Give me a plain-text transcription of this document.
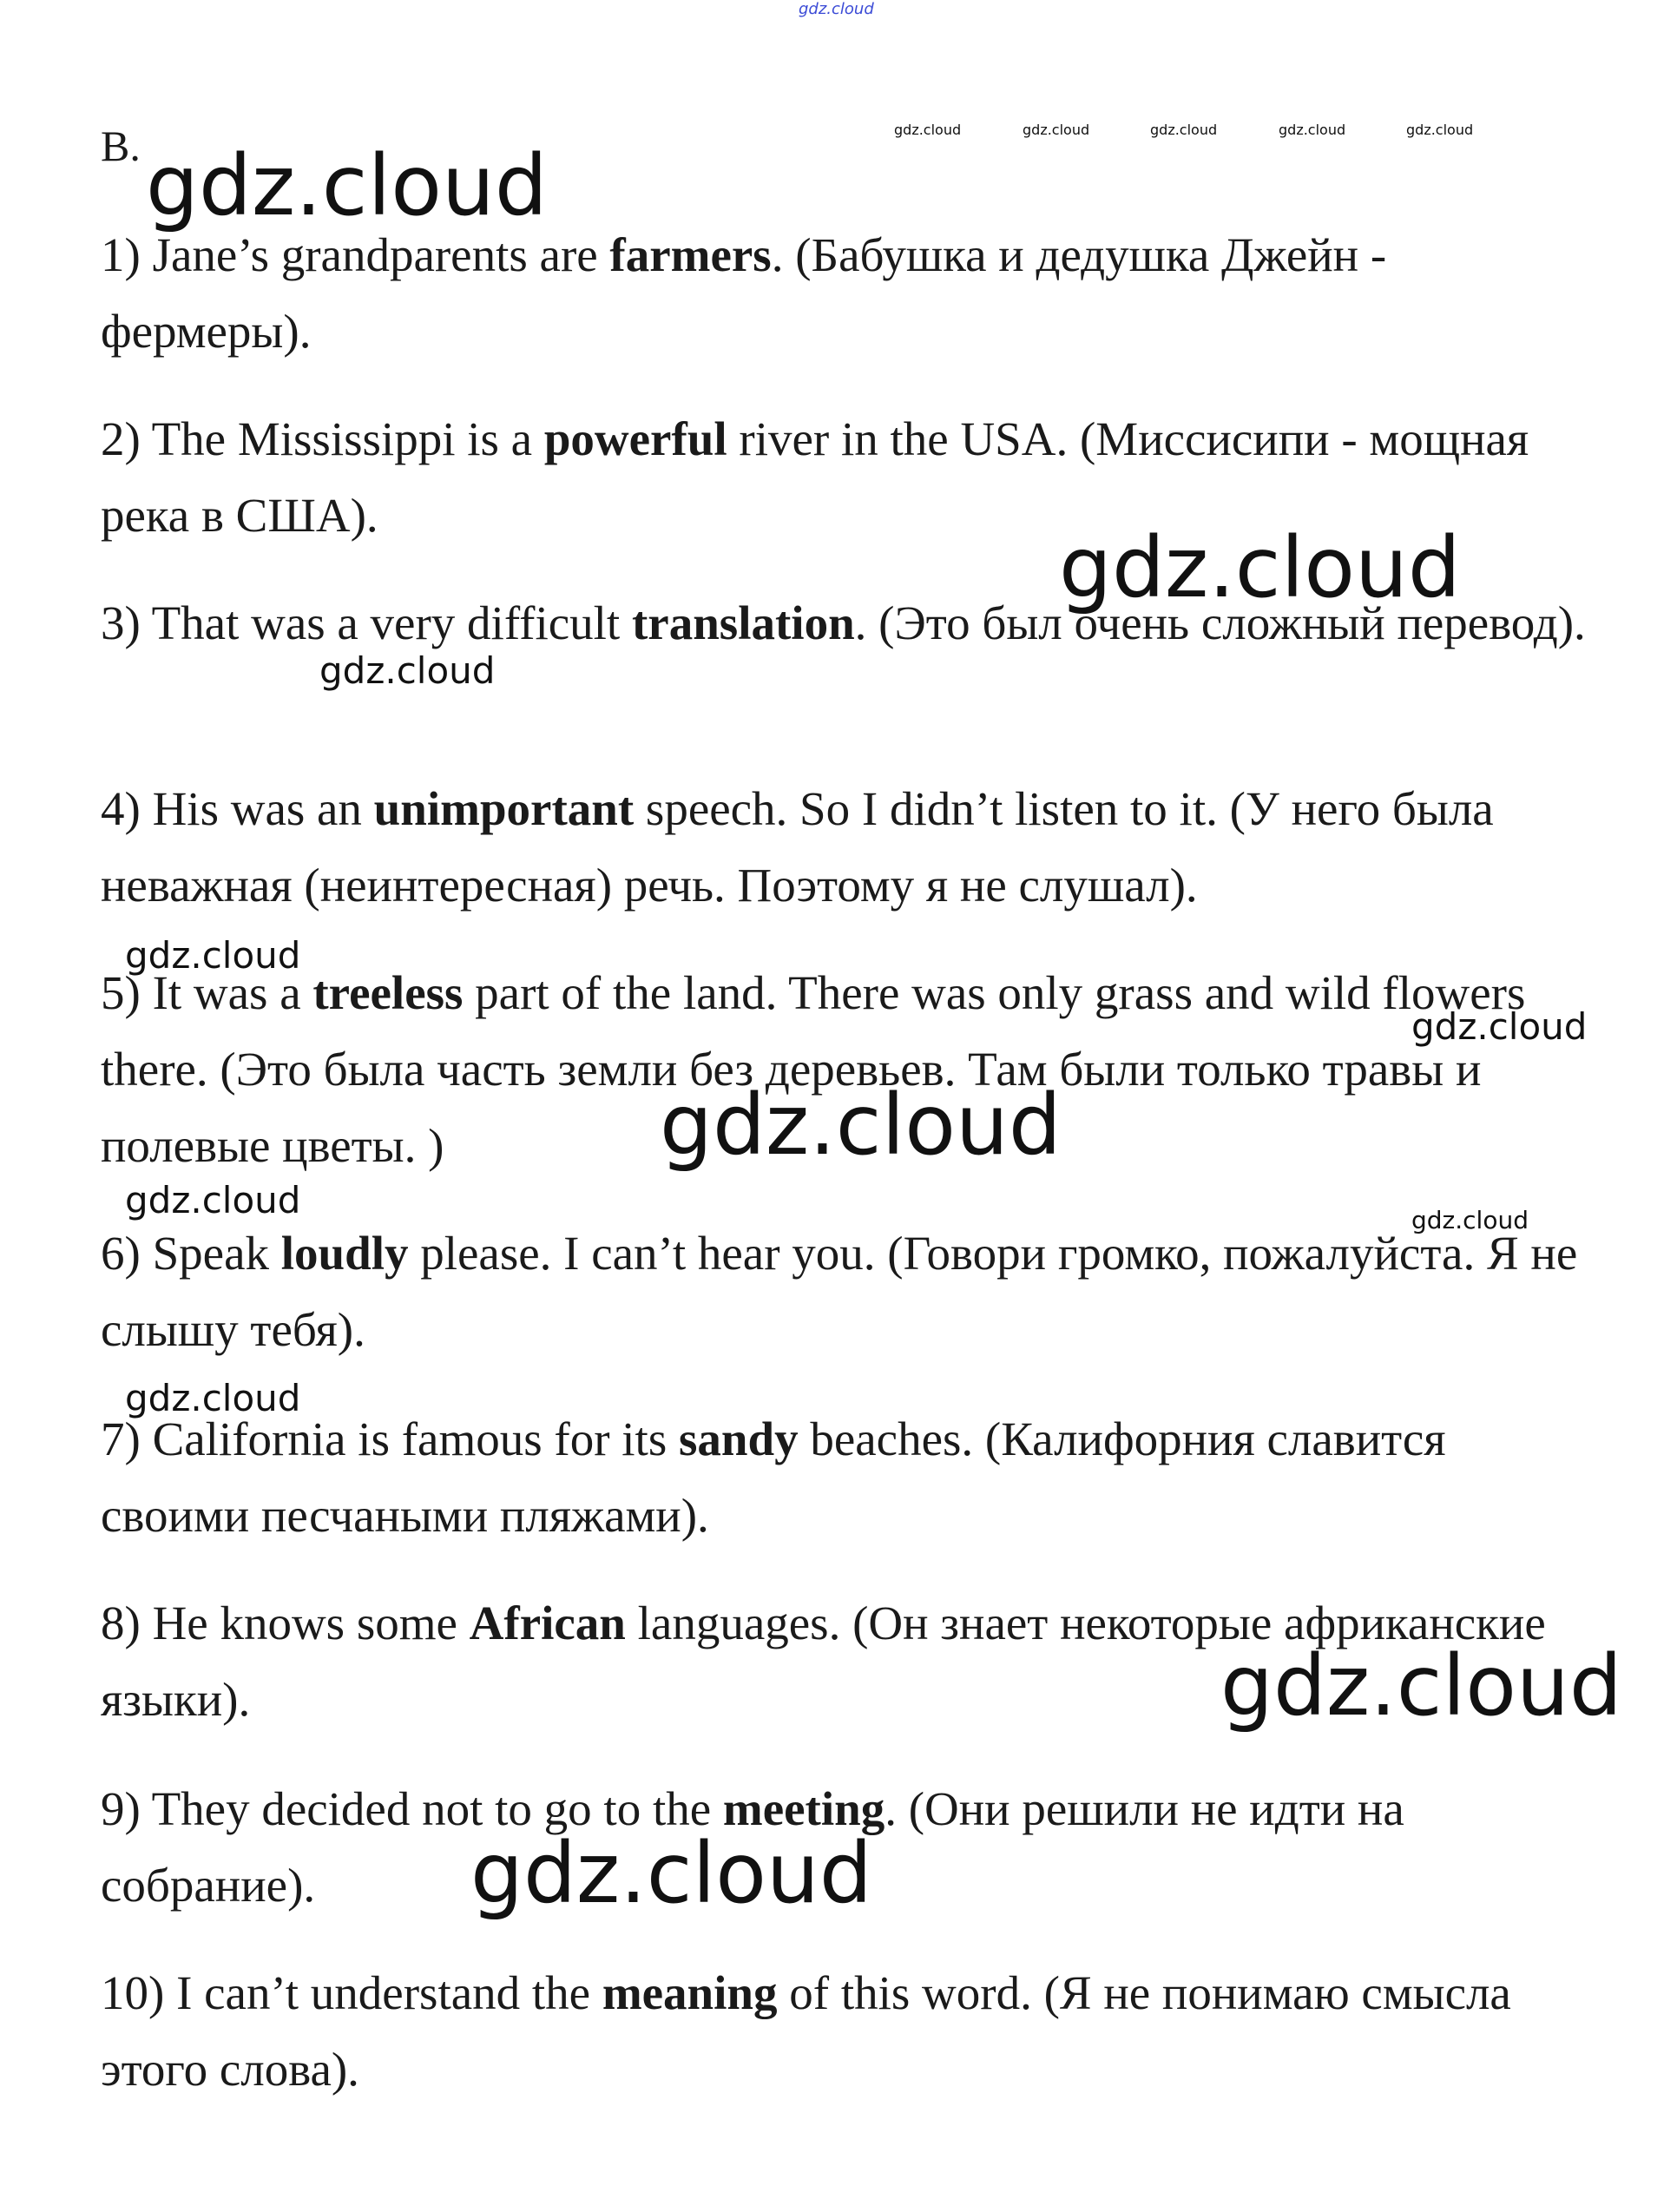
gdz.cloud
gdz.cloud	gdz.cloud	gdz.cloud	gdz.cloud	gdz.cloud
gdz.cloud
gdz.cloud
gdz.cloud
gdz.cloud
gdz.cloud
gdz.cloud
gdz.cloud	gdz.cloud
gdz.cloud
gdz.cloud
gdz.cloud
B.

1) Jane’s grandparents are farmers. (Бабушка и дедушка Джейн - фермеры).

2) The Mississippi is a powerful river in the USA. (Миссисипи - мощная река в США).

3) That was a very difficult translation. (Это был очень сложный перевод).

4) His was an unimportant speech. So I didn’t listen to it. (У него была неважная (неинтересная) речь. Поэтому я не слушал).

5) It was a treeless part of the land. There was only grass and wild flowers there. (Это была часть земли без деревьев. Там были только травы и полевые цветы. )

6) Speak loudly please. I can’t hear you. (Говори громко, пожалуйста. Я не слышу тебя).

7) California is famous for its sandy beaches. (Калифорния славится своими песчаными пляжами).

8) He knows some African languages. (Он знает некоторые африканские языки).

9) They decided not to go to the meeting. (Они решили не идти на собрание).

10) I can’t understand the meaning of this word. (Я не понимаю смысла этого слова).
